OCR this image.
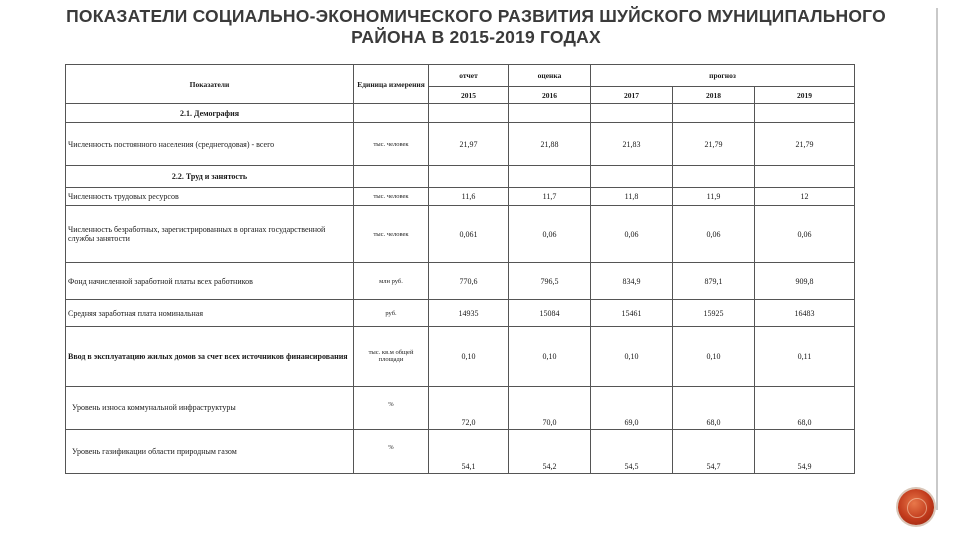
ПОКАЗАТЕЛИ СОЦИАЛЬНО-ЭКОНОМИЧЕСКОГО РАЗВИТИЯ ШУЙСКОГО МУНИЦИПАЛЬНОГО
РАЙОНА В 2015-2019 ГОДАХ
Показатели	Единица измерения	отчет	оценка	прогноз		
		2015	2016	2017	2018	2019
2.1. Демография						
Численность постоянного населения (среднегодовая) - всего	тыс. человек	21,97	21,88	21,83	21,79	21,79
2.2. Труд и занятость						
Численность трудовых ресурсов	тыс. человек	11,6	11,7	11,8	11,9	12
Численность безработных, зарегистрированных в органах государственной службы занятости	тыс. человек	0,061	0,06	0,06	0,06	0,06
Фонд начисленной заработной платы всех работников	млн руб.	770,6	796,5	834,9	879,1	909,8
Средняя заработная плата номинальная	руб.	14935	15084	15461	15925	16483
Ввод в эксплуатацию жилых домов за счет всех источников финансирования	тыс. кв.м общей площади	0,10	0,10	0,10	0,10	0,11
Уровень износа коммунальной инфраструктуры	%	72,0	70,0	69,0	68,0	68,0
Уровень газификации области природным газом	%	54,1	54,2	54,5	54,7	54,9
